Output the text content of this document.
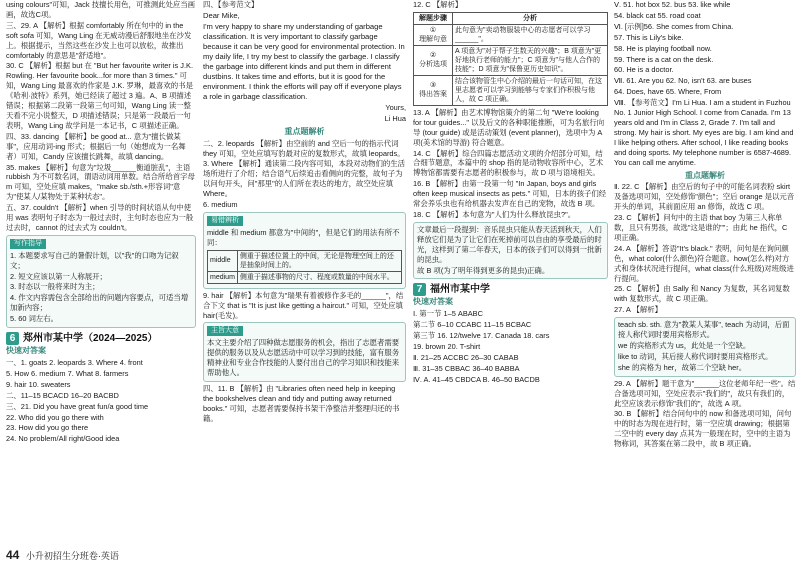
using colours"可知，Jack 技擅长用色，可推测此处应当画画，故选C项。

三、29. A 【解析】根据 comfortably 所在句中的 in the soft sofa 可知，Wang Ling 在无威动漫后舒服地坐在沙发上。根据提示，当然这些在沙发上也可以放松，故推出 comfortably 的意思是"舒适地"。

30. C 【解析】根据 but 在 "But her favourite writer is J.K. Rowling. Her favourite book...for more than 3 times." 可知，Wang Ling 最喜欢的作家是 J.K. 罗琳，最喜欢的书是《哈利·波特》系列，她已经读了超过 3 遍。A、B 项描述错误；根据第二段第一段第三句可知，Wang Ling 读一整天看不完小说整天，D 项描述错误；只是第一段最后一句表明，Wang Ling 故学问是一本记书，C 项描述正确。

四、33. dancing 【解析】be good at... 意为"擅长做某事"，应用动词-ing 形式；根据后一句（她想成为一名舞者）可知，Candy 应该擅长跳舞，故填 dancing。

35. makes 【解析】句意为"垃圾______衡道脏乱"，主语 rubbish 为不可数名词，谓语动词用单数。结合所给首字母 m 可知，空处应填 makes，"make sb./sth.+形容词"意为"使某人/某物处于某种状态"。

五、37. couldn't 【解析】when 引导的时间状语从句中使用 was 表明句子时态为一般过去时，主句时态也应为一般过去时，cannot 的过去式为 couldn't。

写作指导

1. 本题要求写自己的暑假计划，以"我"的口吻为记叙文；

2. 短文应该以第一人称展开；

3. 时态以一般将来时为主；

4. 作文内容需包含全部给出的问题内容要点，可适当增加新内容；

5. 60 词左右。

6 郑州市某中学（2024—2025）
快速对答案

一、1. goats 2. leopards 3. Where 4. front

5. How 6. medium 7. What 8. farmers

9. hair 10. sweaters

二、11–15 BCACD 16–20 BACBD

三、21. Did you have great fun/a good time

22. Who did you go there with

23. How did you go there

24. No problem/All right/Good idea

四、【参考范文】

Dear Mike,

I'm very happy to share my understanding of garbage classification. It is very important to classify garbage because it can be very good for environmental protection. In my daily life, I try my best to classify the garbage. I classify the garbage into different kinds and put them in different dustbins. It takes time and efforts, but it is good for the environment. I think the efforts will pay off if everyone plays a role in garbage classification.

Yours,

Li Hua

重点题解析

二、2. leopards 【解析】由空前的 and 空后一句的指示代词 they 可知，空处应填写豹最对应的复数形式，故填 leopards。

3. Where 【解析】通读第二段内容可知，本段对动物们的生活场所进行了介绍；结合语气后续追击看侧向的完整，故句子为以问句开头，问"那里"的人们所在表达的地方，故空处应填 Where。

6. medium

易错辨析

middle 和 medium 都意为"中间的"，但是它们的用法有所不同：

middle	侧重于描述位置上的中间，无论是物理空间上的还是抽象时间上的。
medium	侧重于描述事物的尺寸、程度或数量的中间水平。

9. hair 【解析】本句意为"瑞果有着被修作多毛的______"，结合下文 that is "It is just like getting a haircut." 可知，空处应填 hair(毛发)。

主旨大意

本文主要介绍了四种做志愿服务的机会，指出了志愿者需要提供的服务以及从志愿活动中可以学习到的技能，富有服务精神业和专业合作技能的人要付出自己的学习知识和技能来帮助他人。

四、11. B 【解析】由 "Libraries often need help in keeping the bookshelves clean and tidy and putting away returned books." 可知，志愿者需要保持书架干净整洁并整理归还的书籍。

12. C 【解析】

解题步骤	分析
①
理解句意	此句意为"卖动物服装中心的志愿者可以学习______"。
②
分析选项	A 项意为"对于帮子生数天的兴趣"；B 项意为"更好地执行老师的能力"；C 项意为"与他人合作的技能"；D 项意为"保鲁更历史知识"。
③
得出答案	结合该物管生中心介绍的最后一句话可知，在这里志愿者可以学习到能够与专家们作积极与他人，故 C 项正确。

13. A 【解析】由艺术博物馆策介的第二句 "We're looking for tour guides..." 以及后文的各种职能推断，可为名旅行向导 (tour guide) 或是活动策划 (event planner)，选项中为 A 项(美术馆的导游) 符合题意。

14. C 【解析】综合四篇志愿活动文项的介绍部分可知，结合细节题意，本篇中的 shop 指的是动物收容所中心，艺术博物馆都需要有志愿者的积极参与，故 D 项与语境相关。

16. B 【解析】由第一段第一句 "In Japan, boys and girls often keep musical insects as pets." 可知，日本的孩子们经常会养乐虫也有给机器去发声在自己的宠物，故选 B 项。

18. C 【解析】本句意为"人们为什么释放昆虫?"。

文章最后一段提到：音乐昆虫只能从春天活到秋天，人们释放它们是为了让它们在死掉前可以自由的享受最后的时光，这样到了第二年春天，日本的孩子们可以得到一批新的昆虫。

故 B 项(为了明年得到更多的昆虫)正确。

7 福州市某中学
快速对答案

Ⅰ. 第一节 1–5 ABABC

第二节 6–10 CCABC 11–15 BCBAC

第三节 16. 12/twelve 17. Canada 18. cars

19. brown 20. T-shirt

Ⅱ. 21–25 ACCBC 26–30 CABAB

Ⅲ. 31–35 CBBAC 36–40 BABBA

Ⅳ. A. 41–45 CBDCA B. 46–50 BACDB

Ⅴ. 51. hot box 52. bus 53. like while

54. black cat 55. road coat

Ⅵ. [示例]56. She comes from China.

57. This is Lily's bike.

58. He is playing football now.

59. There is a cat on the desk.

60. He is a doctor.

Ⅶ. 61. Are you 62. No, isn't 63. are buses

64. Does, have 65. Where, From

Ⅷ. 【参考范文】I'm Li Hua. I am a student in Fuzhou No. 1 Junior High School. I come from Canada. I'm 13 years old and I'm in Class 2, Grade 7. I'm tall and strong. My hair is short. My eyes are big. I am kind and I like helping others. After school, I like reading books and doing sports. My telephone number is 6587-4689. You can call me anytime.

重点题解析

Ⅱ. 22. C 【解析】由空后的句子中的可能名词表粉 skirt 及备选项可知，空处修饰"颜色"；空后 orange 是以元音开头的单词，其前面应用 an 修饰，故选 C 项。

23. C 【解析】问句中的主语 that boy 为第三人称单数，且只有男孩，故选"这是谁的""；由此 he 指代，C 项正确。

24. A 【解析】答语"It's black." 表明，问句是在询问颜色，what color(什么颜色)符合题意。how(怎么样)对方式和身体状况进行提问，what class(什么班级)对班级进行提问。

25. C 【解析】由 Sally 和 Nancy 为复数，其名词复数 with 复数形式，故 C 项正确。

27. A 【解析】

teach sb. sth. 意为"教某人某事", teach 为动词，后面接人称代词时要用宾格形式。

we 的宾格形式为 us，此处是一个空缺。

like to 动词，其后接人称代词时要用宾格形式。

she 的宾格为 her，故第二个空缺 her。

29. A 【解析】题干意为"______这位老师年纪一些"。结合备选项可知，空处应表示"我们的"，故只有我们的，此空应该表示修饰"我们的"，故选 A 项。

30. B 【解析】结合问句中的 now 和备选项可知，问句中的时态为现在进行时，第一空应填 drawing；根据第二空中的 every day 点其为一般现在时，空中的主语为物称词，其答案在第二段中，故 B 项正确。

44 小升初招生分班卷·英语
